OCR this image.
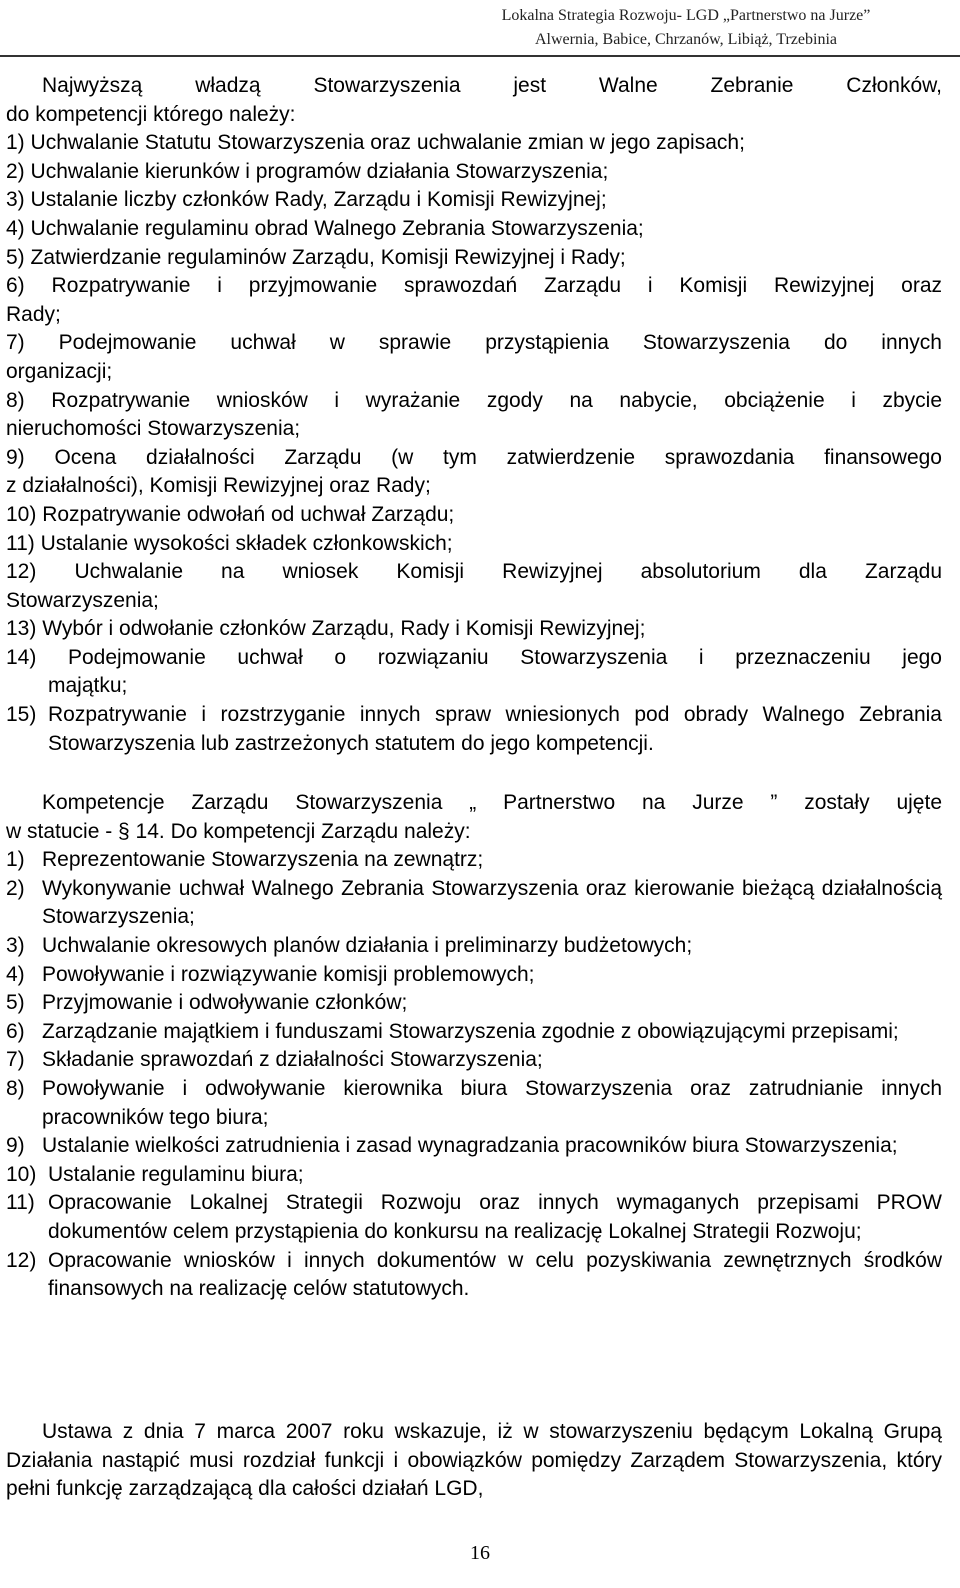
Lokalna Strategia Rozwoju- LGD „Partnerstwo na Jurze”
Alwernia, Babice, Chrzanów, Libiąż, Trzebinia

Najwyższą władzą Stowarzyszenia jest Walne Zebranie Członków,

do kompetencji którego należy:

1) Uchwalanie Statutu Stowarzyszenia oraz uchwalanie zmian w jego zapisach;

2) Uchwalanie kierunków i programów działania Stowarzyszenia;

3) Ustalanie liczby członków Rady, Zarządu i Komisji Rewizyjnej;

4) Uchwalanie regulaminu obrad Walnego Zebrania Stowarzyszenia;

5) Zatwierdzanie regulaminów Zarządu, Komisji Rewizyjnej i Rady;

6) Rozpatrywanie i przyjmowanie sprawozdań Zarządu i Komisji Rewizyjnej oraz

Rady;

7) Podejmowanie uchwał w sprawie przystąpienia Stowarzyszenia do innych

organizacji;

8) Rozpatrywanie wniosków i wyrażanie zgody na nabycie, obciążenie i zbycie

nieruchomości Stowarzyszenia;

9) Ocena działalności Zarządu (w tym zatwierdzenie sprawozdania finansowego

z działalności), Komisji Rewizyjnej oraz Rady;

10) Rozpatrywanie odwołań od uchwał Zarządu;

11) Ustalanie wysokości składek członkowskich;

12) Uchwalanie na wniosek Komisji Rewizyjnej absolutorium dla Zarządu

Stowarzyszenia;

13) Wybór i odwołanie członków Zarządu, Rady i Komisji Rewizyjnej;

14) Podejmowanie uchwał o rozwiązaniu Stowarzyszenia i przeznaczeniu jego

majątku;

15) Rozpatrywanie i rozstrzyganie innych spraw wniesionych pod obrady Walnego Zebrania Stowarzyszenia lub zastrzeżonych statutem do jego kompetencji.

Kompetencje Zarządu Stowarzyszenia „ Partnerstwo na Jurze ” zostały ujęte

w statucie - § 14. Do kompetencji Zarządu należy:

1) Reprezentowanie Stowarzyszenia na zewnątrz;
2) Wykonywanie uchwał Walnego Zebrania Stowarzyszenia oraz kierowanie bieżącą działalnością Stowarzyszenia;
3) Uchwalanie okresowych planów działania i preliminarzy budżetowych;
4) Powoływanie i rozwiązywanie komisji problemowych;
5) Przyjmowanie i odwoływanie członków;
6) Zarządzanie majątkiem i funduszami Stowarzyszenia zgodnie z obowiązującymi przepisami;
7) Składanie sprawozdań z działalności Stowarzyszenia;
8) Powoływanie i odwoływanie kierownika biura Stowarzyszenia oraz zatrudnianie innych pracowników tego biura;
9) Ustalanie wielkości zatrudnienia i zasad wynagradzania pracowników biura Stowarzyszenia;
10) Ustalanie regulaminu biura;
11) Opracowanie Lokalnej Strategii Rozwoju oraz innych wymaganych przepisami PROW dokumentów celem przystąpienia do konkursu na realizację Lokalnej Strategii Rozwoju;
12) Opracowanie wniosków i innych dokumentów w celu pozyskiwania zewnętrznych środków finansowych na realizację celów statutowych.

Ustawa z dnia 7 marca 2007 roku wskazuje, iż w stowarzyszeniu będącym Lokalną Grupą Działania nastąpić musi rozdział funkcji i obowiązków pomiędzy Zarządem Stowarzyszenia, który pełni funkcję zarządzającą dla całości działań LGD,

16
